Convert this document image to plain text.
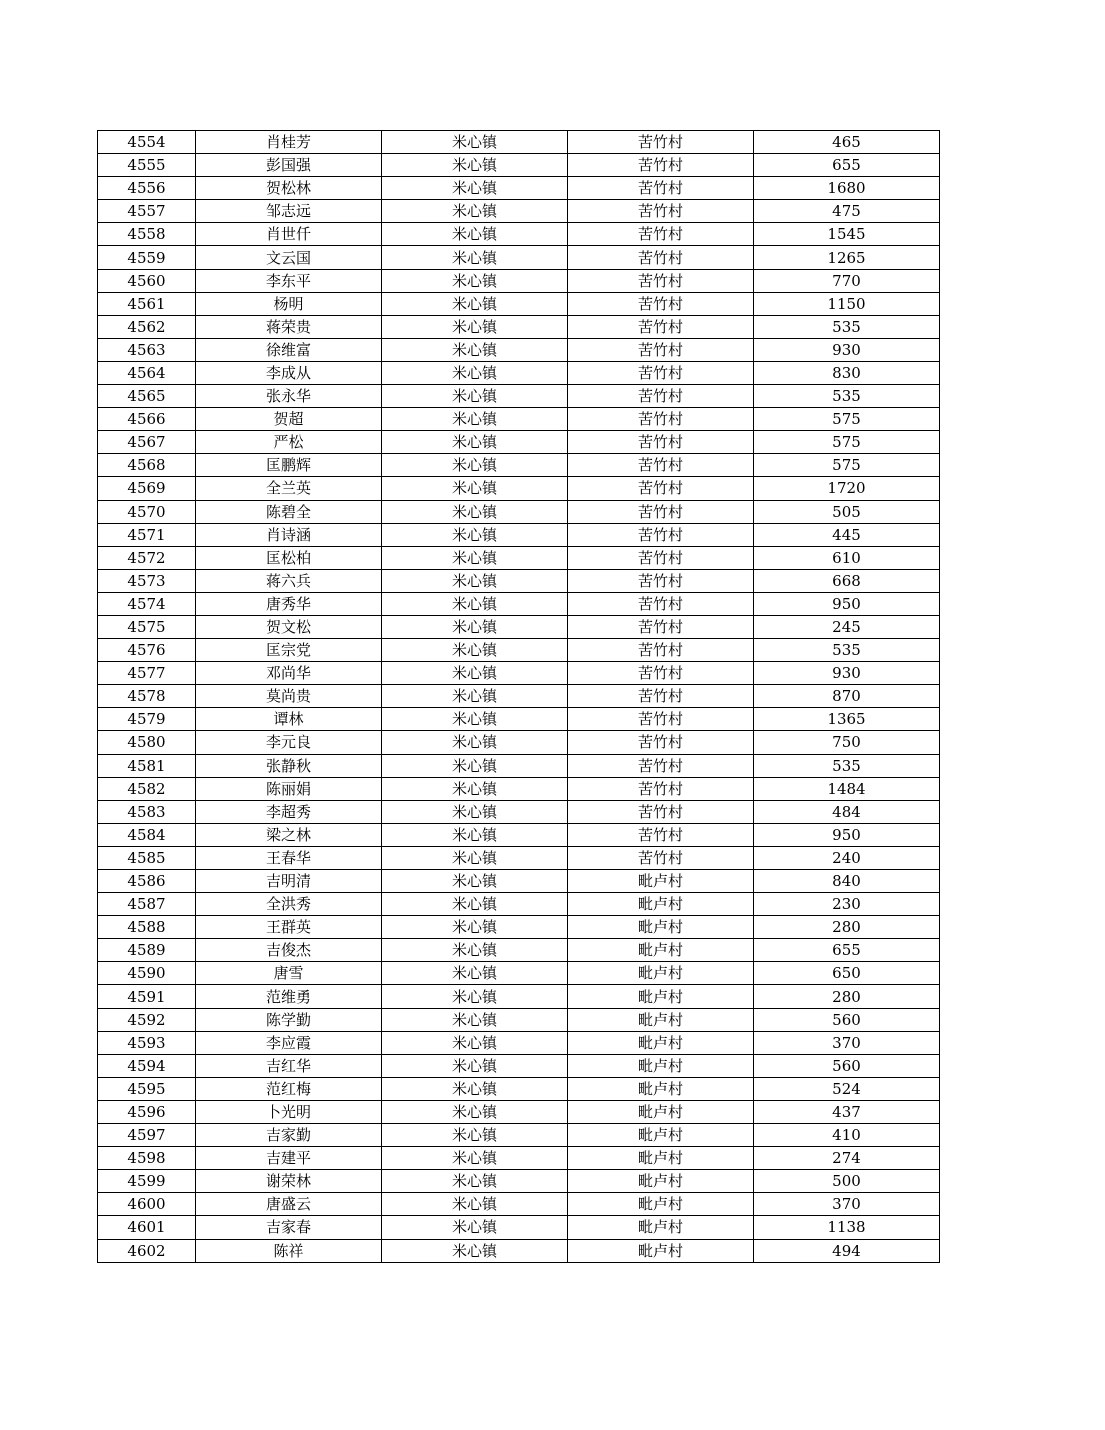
4554	肖桂芳	米心镇	苦竹村	465
4555	彭国强	米心镇	苦竹村	655
4556	贺松林	米心镇	苦竹村	1680
4557	邹志远	米心镇	苦竹村	475
4558	肖世仟	米心镇	苦竹村	1545
4559	文云国	米心镇	苦竹村	1265
4560	李东平	米心镇	苦竹村	770
4561	杨明	米心镇	苦竹村	1150
4562	蒋荣贵	米心镇	苦竹村	535
4563	徐维富	米心镇	苦竹村	930
4564	李成从	米心镇	苦竹村	830
4565	张永华	米心镇	苦竹村	535
4566	贺超	米心镇	苦竹村	575
4567	严松	米心镇	苦竹村	575
4568	匡鹏辉	米心镇	苦竹村	575
4569	全兰英	米心镇	苦竹村	1720
4570	陈碧全	米心镇	苦竹村	505
4571	肖诗涵	米心镇	苦竹村	445
4572	匡松柏	米心镇	苦竹村	610
4573	蒋六兵	米心镇	苦竹村	668
4574	唐秀华	米心镇	苦竹村	950
4575	贺文松	米心镇	苦竹村	245
4576	匡宗党	米心镇	苦竹村	535
4577	邓尚华	米心镇	苦竹村	930
4578	莫尚贵	米心镇	苦竹村	870
4579	谭林	米心镇	苦竹村	1365
4580	李元良	米心镇	苦竹村	750
4581	张静秋	米心镇	苦竹村	535
4582	陈丽娟	米心镇	苦竹村	1484
4583	李超秀	米心镇	苦竹村	484
4584	梁之林	米心镇	苦竹村	950
4585	王春华	米心镇	苦竹村	240
4586	吉明清	米心镇	毗卢村	840
4587	全洪秀	米心镇	毗卢村	230
4588	王群英	米心镇	毗卢村	280
4589	吉俊杰	米心镇	毗卢村	655
4590	唐雪	米心镇	毗卢村	650
4591	范维勇	米心镇	毗卢村	280
4592	陈学勤	米心镇	毗卢村	560
4593	李应霞	米心镇	毗卢村	370
4594	吉红华	米心镇	毗卢村	560
4595	范红梅	米心镇	毗卢村	524
4596	卜光明	米心镇	毗卢村	437
4597	吉家勤	米心镇	毗卢村	410
4598	吉建平	米心镇	毗卢村	274
4599	谢荣林	米心镇	毗卢村	500
4600	唐盛云	米心镇	毗卢村	370
4601	吉家春	米心镇	毗卢村	1138
4602	陈祥	米心镇	毗卢村	494
